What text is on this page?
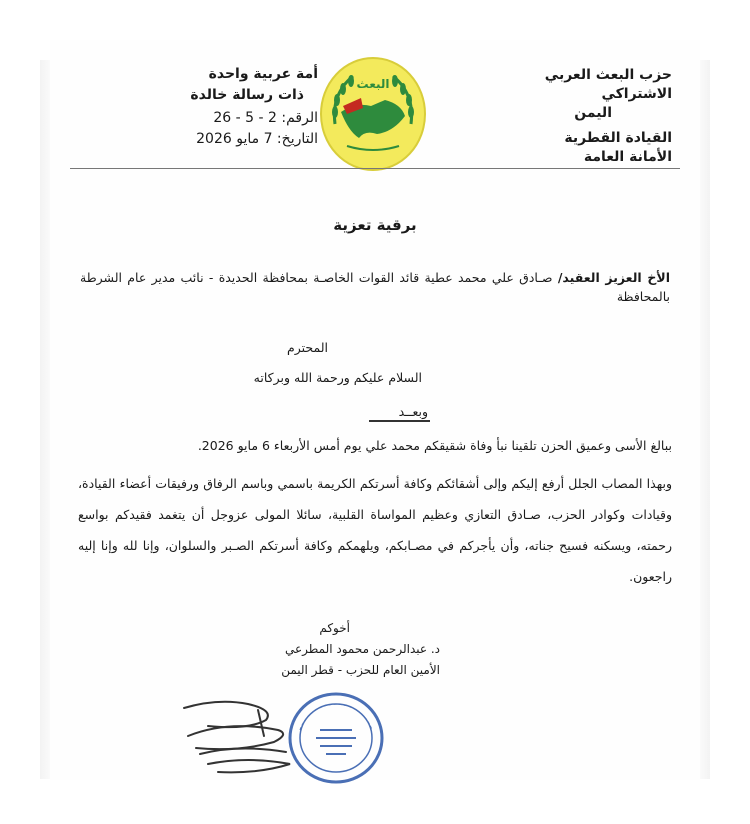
حزب البعث العربي الاشتراكي
اليمن
القيادة القطرية
الأمانة العامة
البعث
أمة عربية واحدة
ذات رسالة خالدة
الرقم: 2 - 5 - 26
التاريخ: 7 مايو 2026
برقية تعزية
الأخ العزيز العقيد/ صـادق علي محمد عطية قائد القوات الخاصـة بمحافظة الحديدة - نائب مدير عام الشرطة بالمحافظة
المحترم
السلام عليكم ورحمة الله وبركاته
وبعــد
ببالغ الأسى وعميق الحزن تلقينا نبأ وفاة شقيقكم محمد علي يوم أمس الأربعاء 6 مايو 2026.
وبهذا المصاب الجلل أرفع إليكم وإلى أشقائكم وكافة أسرتكم الكريمة باسمي وباسم الرفاق ورفيقات أعضاء القيادة، وقيادات وكوادر الحزب، صـادق التعازي وعظيم المواساة القلبية، سائلا المولى عزوجل أن يتغمد فقيدكم بواسع رحمته، ويسكنه فسيح جناته، وأن يأجركم في مصـابكم، ويلهمكم وكافة أسرتكم الصـبر والسلوان، وإنا لله وإنا إليه راجعون.
أخوكم
د. عبدالرحمن محمود المطرعي
الأمين العام للحزب - قطر اليمن
